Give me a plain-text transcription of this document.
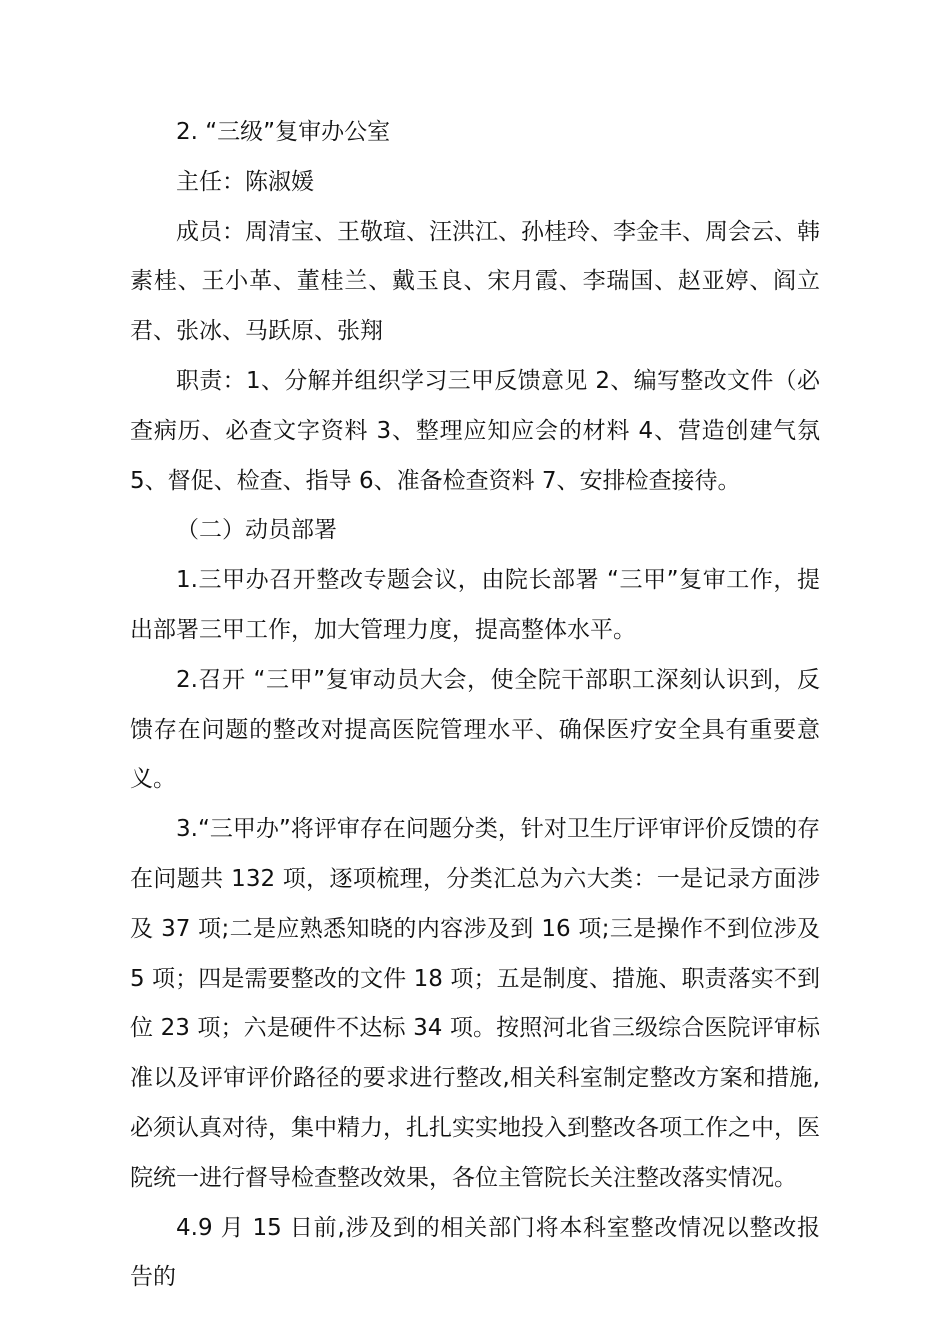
2. “三级”复审办公室

主任：陈淑媛

成员：周清宝、王敬瑄、汪洪江、孙桂玲、李金丰、周会云、韩素桂、王小革、董桂兰、戴玉良、宋月霞、李瑞国、赵亚婷、阎立君、张冰、马跃原、张翔

职责：1、分解并组织学习三甲反馈意见 2、编写整改文件（必查病历、必查文字资料 3、整理应知应会的材料 4、营造创建气氛 5、督促、检查、指导 6、准备检查资料 7、安排检查接待。

（二）动员部署

1.三甲办召开整改专题会议，由院长部署 “三甲”复审工作，提出部署三甲工作，加大管理力度，提高整体水平。

2.召开 “三甲”复审动员大会，使全院干部职工深刻认识到，反馈存在问题的整改对提高医院管理水平、确保医疗安全具有重要意义。

3.“三甲办”将评审存在问题分类，针对卫生厅评审评价反馈的存在问题共 132 项，逐项梳理，分类汇总为六大类：一是记录方面涉及 37 项;二是应熟悉知晓的内容涉及到 16 项;三是操作不到位涉及 5 项；四是需要整改的文件 18 项；五是制度、措施、职责落实不到位 23 项；六是硬件不达标 34 项。按照河北省三级综合医院评审标准以及评审评价路径的要求进行整改,相关科室制定整改方案和措施,必须认真对待，集中精力，扎扎实实地投入到整改各项工作之中，医院统一进行督导检查整改效果，各位主管院长关注整改落实情况。

4.9 月 15 日前,涉及到的相关部门将本科室整改情况以整改报告的
